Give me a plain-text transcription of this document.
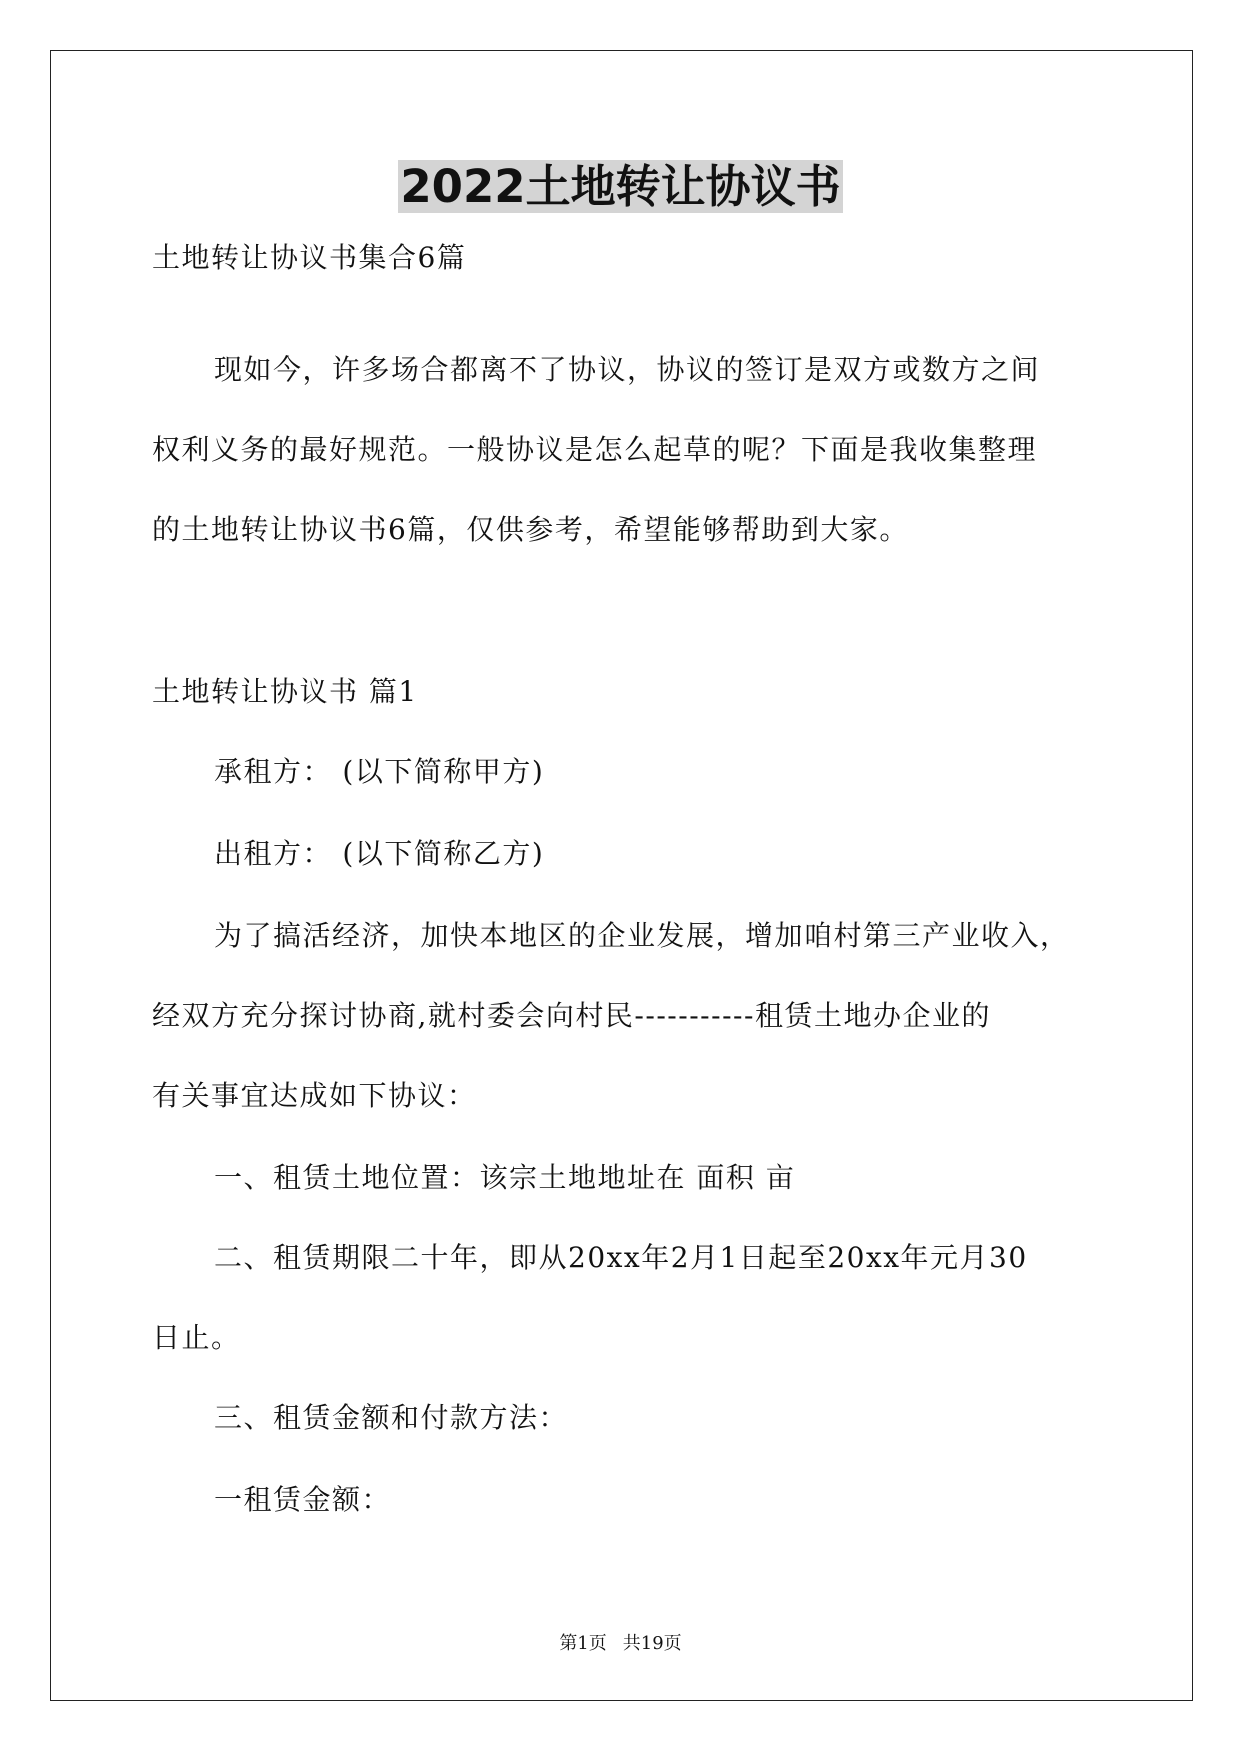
2022土地转让协议书

土地转让协议书集合6篇

现如今，许多场合都离不了协议，协议的签订是双方或数方之间

权利义务的最好规范。一般协议是怎么起草的呢？下面是我收集整理

的土地转让协议书6篇，仅供参考，希望能够帮助到大家。

土地转让协议书 篇1

承租方： (以下简称甲方)

出租方： (以下简称乙方)

为了搞活经济，加快本地区的企业发展，增加咱村第三产业收入，

经双方充分探讨协商,就村委会向村民-----------租赁土地办企业的

有关事宜达成如下协议：

一、租赁土地位置：该宗土地地址在 面积 亩

二、租赁期限二十年，即从20xx年2月1日起至20xx年元月30

日止。

三、租赁金额和付款方法：

一租赁金额：

第1页 共19页
